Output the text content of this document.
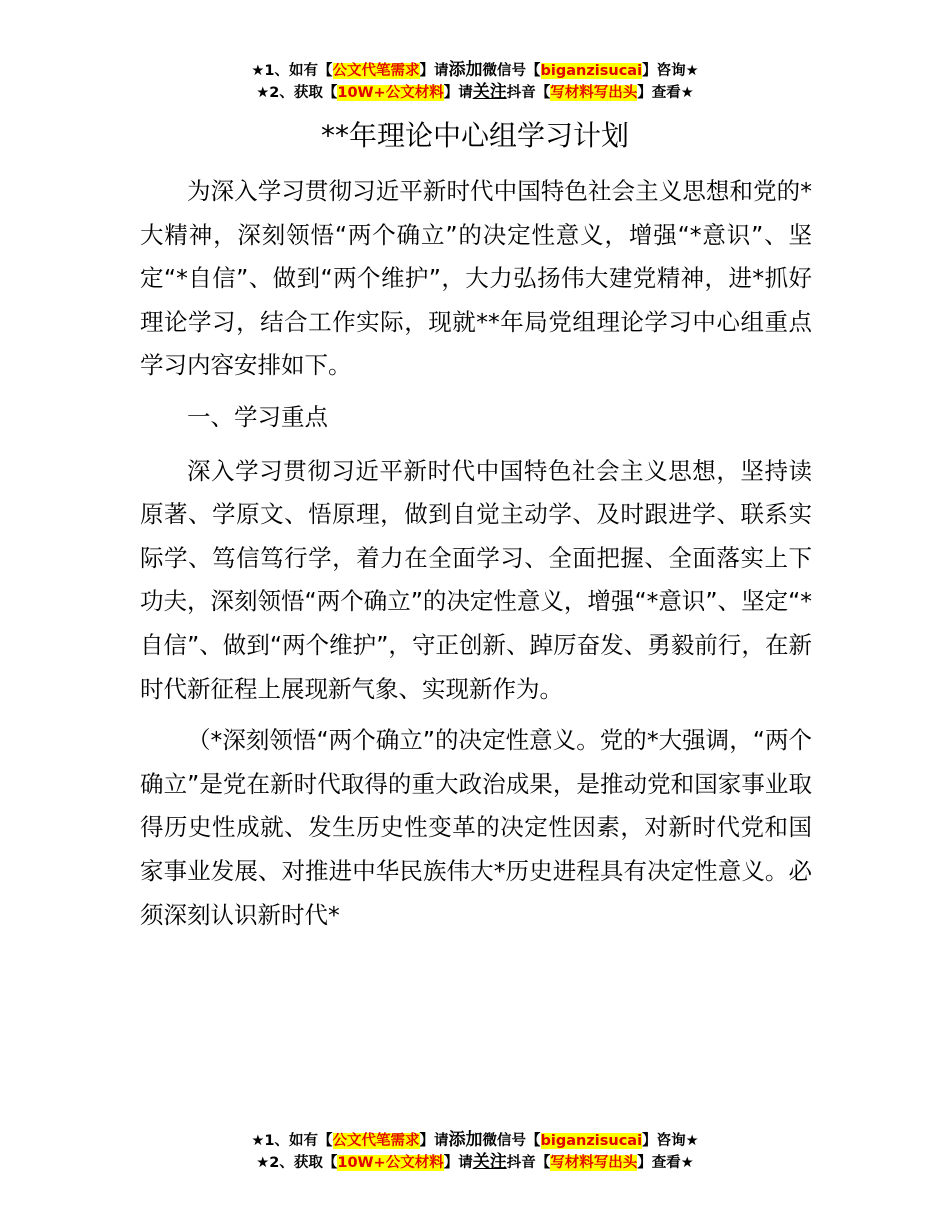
★1、如有【公文代笔需求】请添加微信号【biganzisucai】咨询★
★2、获取【10W+公文材料】请关注抖音【写材料写出头】查看★
**年理论中心组学习计划

为深入学习贯彻习近平新时代中国特色社会主义思想和党的*大精神，深刻领悟“两个确立”的决定性意义，增强“*意识”、坚定“*自信”、做到“两个维护”，大力弘扬伟大建党精神，进*抓好理论学习，结合工作实际，现就**年局党组理论学习中心组重点学习内容安排如下。

一、学习重点

深入学习贯彻习近平新时代中国特色社会主义思想，坚持读原著、学原文、悟原理，做到自觉主动学、及时跟进学、联系实际学、笃信笃行学，着力在全面学习、全面把握、全面落实上下功夫，深刻领悟“两个确立”的决定性意义，增强“*意识”、坚定“*自信”、做到“两个维护”，守正创新、踔厉奋发、勇毅前行，在新时代新征程上展现新气象、实现新作为。

（*深刻领悟“两个确立”的决定性意义。党的*大强调，“两个确立”是党在新时代取得的重大政治成果，是推动党和国家事业取得历史性成就、发生历史性变革的决定性因素，对新时代党和国家事业发展、对推进中华民族伟大*历史进程具有决定性意义。必须深刻认识新时代*

★1、如有【公文代笔需求】请添加微信号【biganzisucai】咨询★
★2、获取【10W+公文材料】请关注抖音【写材料写出头】查看★
